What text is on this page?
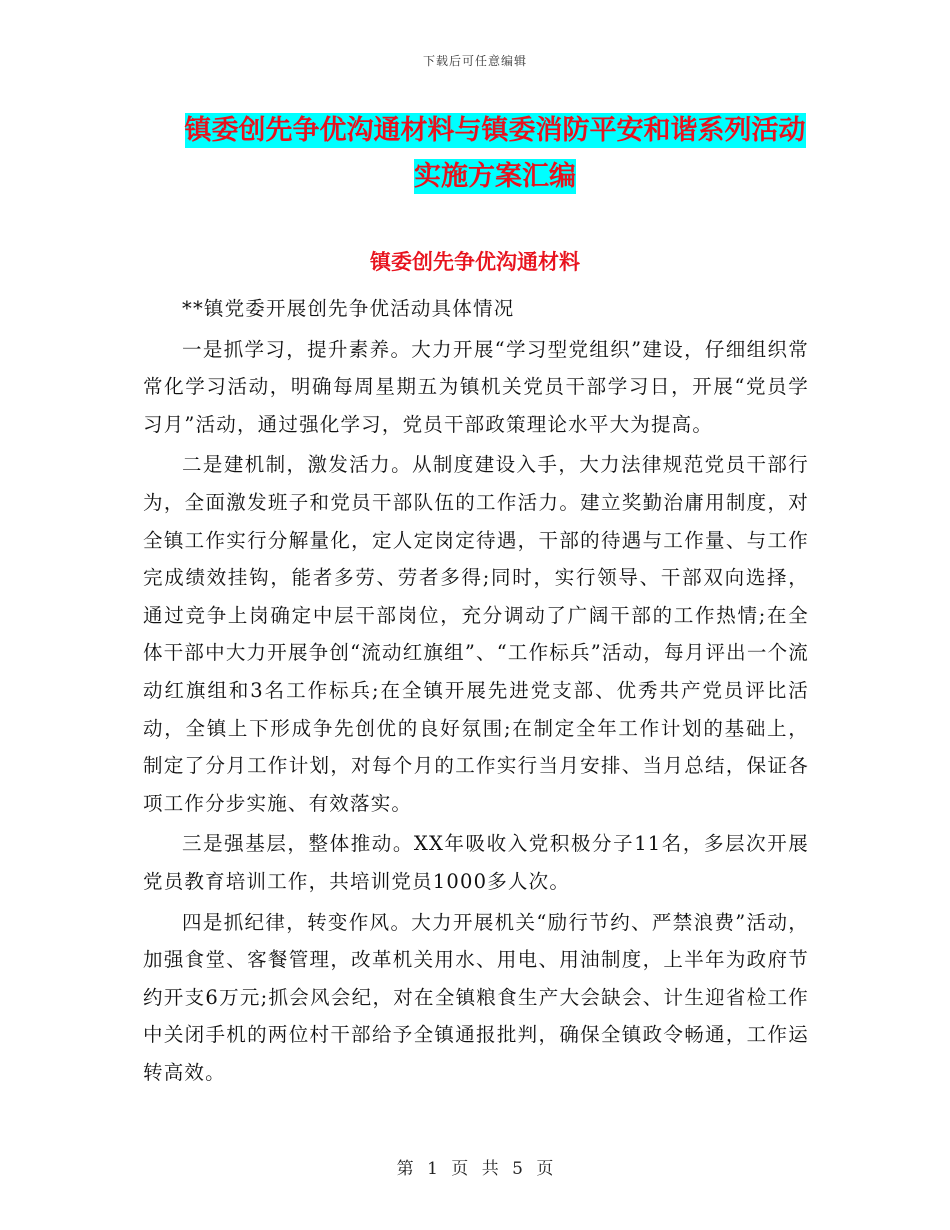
下载后可任意编辑
镇委创先争优沟通材料与镇委消防平安和谐系列活动
实施方案汇编
镇委创先争优沟通材料

**镇党委开展创先争优活动具体情况

一是抓学习，提升素养。大力开展“学习型党组织”建设，仔细组织常常化学习活动，明确每周星期五为镇机关党员干部学习日，开展“党员学习月”活动，通过强化学习，党员干部政策理论水平大为提高。

二是建机制，激发活力。从制度建设入手，大力法律规范党员干部行为，全面激发班子和党员干部队伍的工作活力。建立奖勤治庸用制度，对全镇工作实行分解量化，定人定岗定待遇，干部的待遇与工作量、与工作完成绩效挂钩，能者多劳、劳者多得;同时，实行领导、干部双向选择，通过竞争上岗确定中层干部岗位，充分调动了广阔干部的工作热情;在全体干部中大力开展争创“流动红旗组”、“工作标兵”活动，每月评出一个流动红旗组和3名工作标兵;在全镇开展先进党支部、优秀共产党员评比活动，全镇上下形成争先创优的良好氛围;在制定全年工作计划的基础上，制定了分月工作计划，对每个月的工作实行当月安排、当月总结，保证各项工作分步实施、有效落实。

三是强基层，整体推动。XX年吸收入党积极分子11名，多层次开展党员教育培训工作，共培训党员1000多人次。

四是抓纪律，转变作风。大力开展机关“励行节约、严禁浪费”活动，加强食堂、客餐管理，改革机关用水、用电、用油制度，上半年为政府节约开支6万元;抓会风会纪，对在全镇粮食生产大会缺会、计生迎省检工作中关闭手机的两位村干部给予全镇通报批判，确保全镇政令畅通，工作运转高效。

第 1 页 共 5 页
